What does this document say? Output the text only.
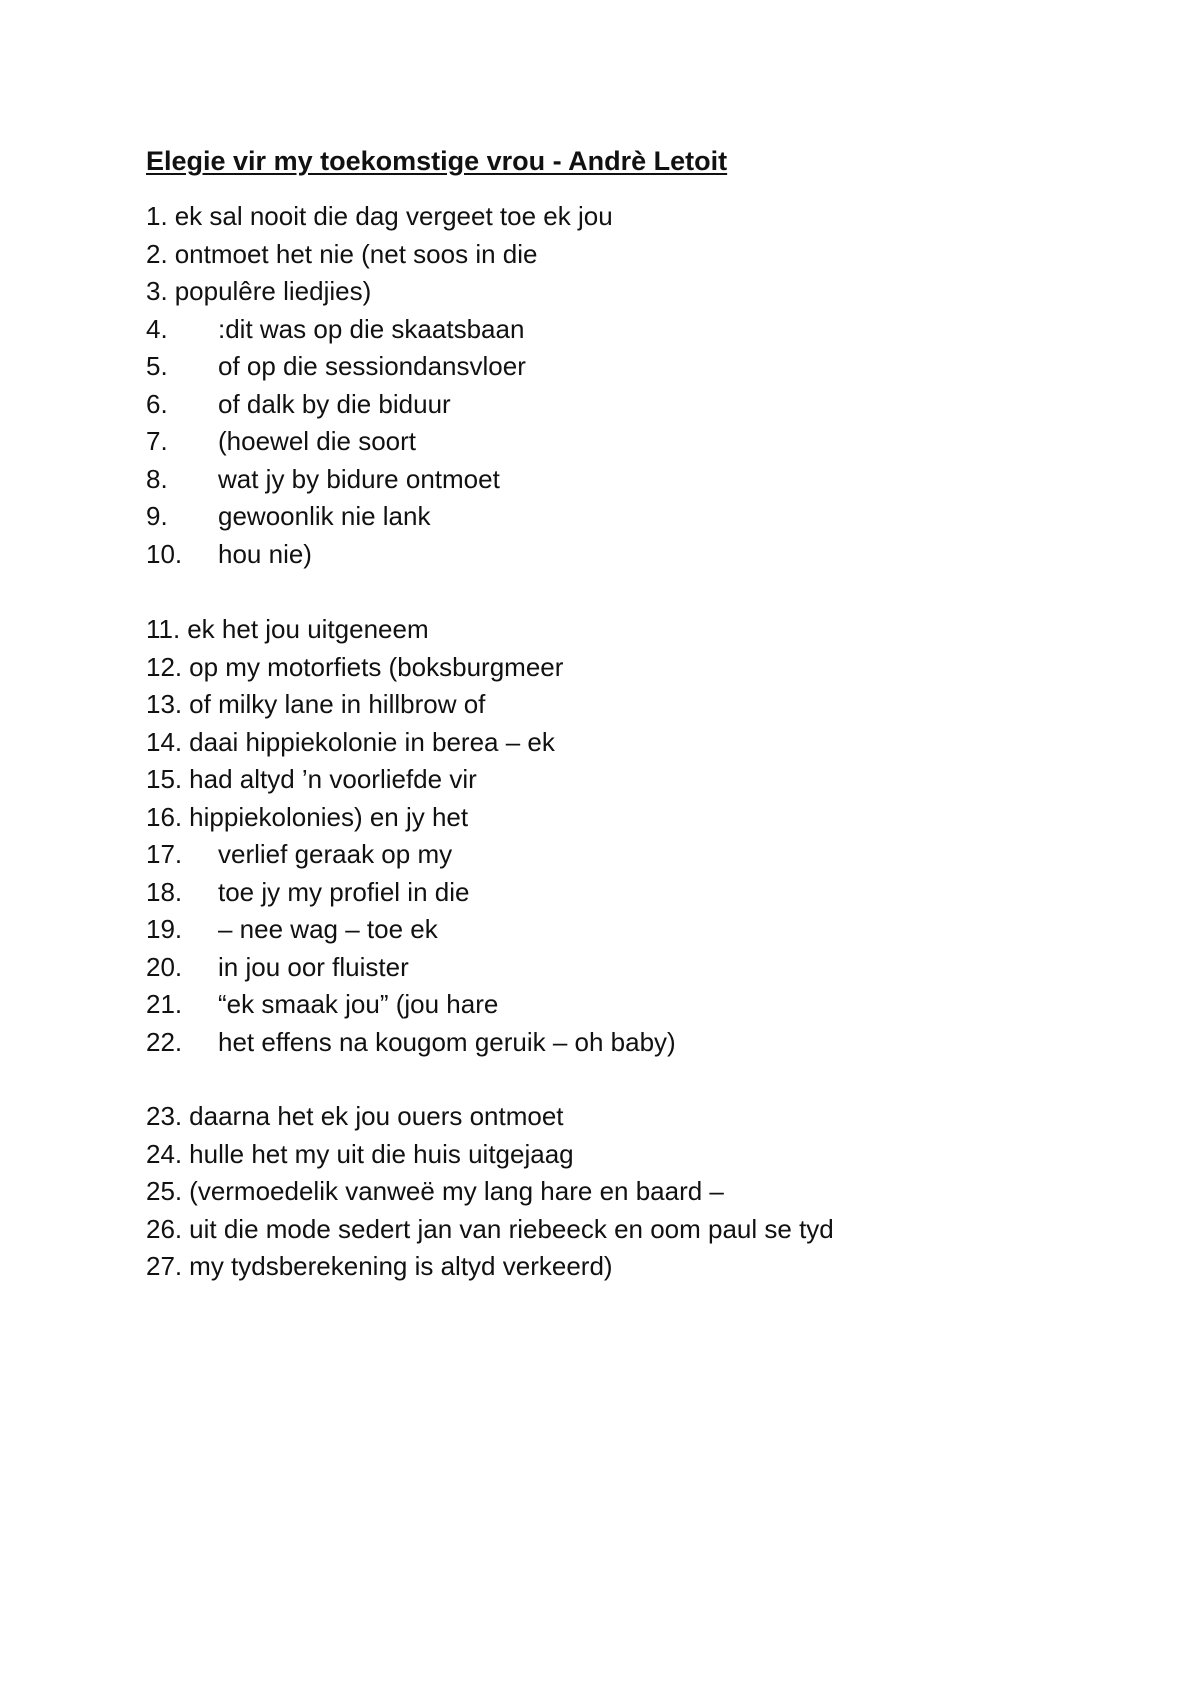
Elegie vir my toekomstige vrou - Andrè Letoit
1. ek sal nooit die dag vergeet toe ek jou
2. ontmoet het nie (net soos in die
3. populêre liedjies)
4. :dit was op die skaatsbaan
5. of op die sessiondansvloer
6. of dalk by die biduur
7. (hoewel die soort
8. wat jy by bidure ontmoet
9. gewoonlik nie lank
10. hou nie)
11. ek het jou uitgeneem
12. op my motorfiets (boksburgmeer
13. of milky lane in hillbrow of
14. daai hippiekolonie in berea – ek
15. had altyd ’n voorliefde vir
16. hippiekolonies) en jy het
17. verlief geraak op my
18. toe jy my profiel in die
19. – nee wag – toe ek
20. in jou oor fluister
21. “ek smaak jou” (jou hare
22. het effens na kougom geruik – oh baby)
23. daarna het ek jou ouers ontmoet
24. hulle het my uit die huis uitgejaag
25. (vermoedelik vanweë my lang hare en baard –
26. uit die mode sedert jan van riebeeck en oom paul se tyd
27. my tydsberekening is altyd verkeerd)
